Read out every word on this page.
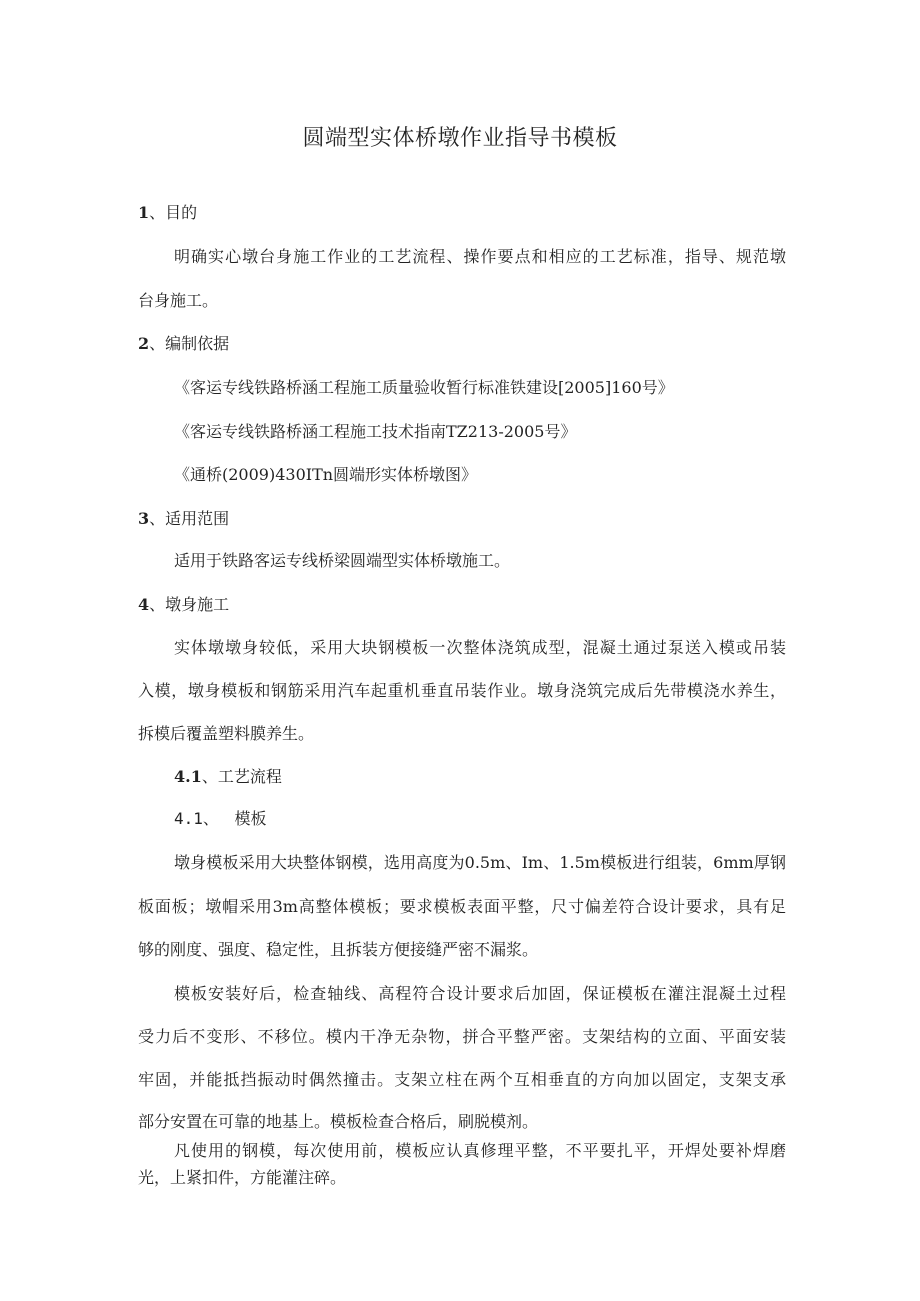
圆端型实体桥墩作业指导书模板
1、目的
明确实心墩台身施工作业的工艺流程、操作要点和相应的工艺标准，指导、规范墩
台身施工。
2、编制依据
《客运专线铁路桥涵工程施工质量验收暂行标准铁建设[2005]160号》
《客运专线铁路桥涵工程施工技术指南TZ213-2005号》
《通桥(2009)430ITn圆端形实体桥墩图》
3、适用范围
适用于铁路客运专线桥梁圆端型实体桥墩施工。
4、墩身施工
实体墩墩身较低，采用大块钢模板一次整体浇筑成型，混凝土通过泵送入模或吊装
入模，墩身模板和钢筋采用汽车起重机垂直吊装作业。墩身浇筑完成后先带模浇水养生，
拆模后覆盖塑料膜养生。
4.1、工艺流程
4.1、 模板
墩身模板采用大块整体钢模，选用高度为0.5m、Im、1.5m模板进行组装，6mm厚钢
板面板；墩帽采用3m高整体模板；要求模板表面平整，尺寸偏差符合设计要求，具有足
够的刚度、强度、稳定性，且拆装方便接缝严密不漏浆。
模板安装好后，检查轴线、高程符合设计要求后加固，保证模板在灌注混凝土过程
受力后不变形、不移位。模内干净无杂物，拼合平整严密。支架结构的立面、平面安装
牢固，并能抵挡振动时偶然撞击。支架立柱在两个互相垂直的方向加以固定，支架支承
部分安置在可靠的地基上。模板检查合格后，刷脱模剂。
凡使用的钢模，每次使用前，模板应认真修理平整，不平要扎平，开焊处要补焊磨
光，上紧扣件，方能灌注碎。
